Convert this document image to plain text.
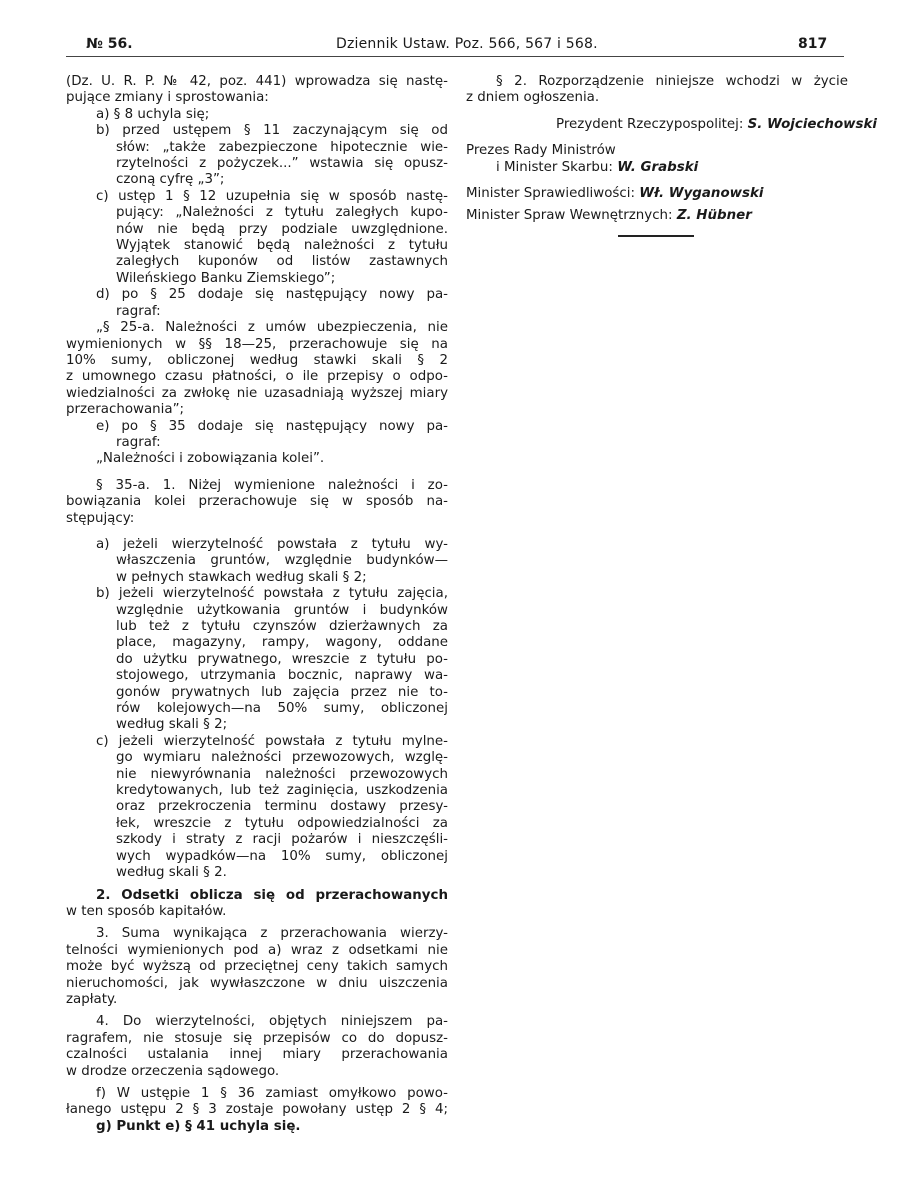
№ 56.	Dziennik Ustaw. Poz. 566, 567 i 568.	817
(Dz. U. R. P. № 42, poz. 441) wprowadza się nastę-
pujące zmiany i sprostowania:
a) § 8 uchyla się;
b) przed ustępem § 11 zaczynającym się od
słów: „także zabezpieczone hipotecznie wie-
rzytelności z pożyczek...” wstawia się opusz-
czoną cyfrę „3”;
c) ustęp 1 § 12 uzupełnia się w sposób nastę-
pujący: „Należności z tytułu zaległych kupo-
nów nie będą przy podziale uwzględnione.
Wyjątek stanowić będą należności z tytułu
zaległych kuponów od listów zastawnych
Wileńskiego Banku Ziemskiego”;
d) po § 25 dodaje się następujący nowy pa-
ragraf:
„§ 25-a. Należności z umów ubezpieczenia, nie
wymienionych w §§ 18—25, przerachowuje się na
10% sumy, obliczonej według stawki skali § 2
z umownego czasu płatności, o ile przepisy o odpo-
wiedzialności za zwłokę nie uzasadniają wyższej miary
przerachowania”;
e) po § 35 dodaje się następujący nowy pa-
ragraf:
„Należności i zobowiązania kolei”.
§ 35-a. 1. Niżej wymienione należności i zo-
bowiązania kolei przerachowuje się w sposób na-
stępujący:
a) jeżeli wierzytelność powstała z tytułu wy-
właszczenia gruntów, względnie budynków—
w pełnych stawkach według skali § 2;
b) jeżeli wierzytelność powstała z tytułu zajęcia,
względnie użytkowania gruntów i budynków
lub też z tytułu czynszów dzierżawnych za
place, magazyny, rampy, wagony, oddane
do użytku prywatnego, wreszcie z tytułu po-
stojowego, utrzymania bocznic, naprawy wa-
gonów prywatnych lub zajęcia przez nie to-
rów kolejowych—na 50% sumy, obliczonej
według skali § 2;
c) jeżeli wierzytelność powstała z tytułu mylne-
go wymiaru należności przewozowych, wzglę-
nie niewyrównania należności przewozowych
kredytowanych, lub też zaginięcia, uszkodzenia
oraz przekroczenia terminu dostawy przesy-
łek, wreszcie z tytułu odpowiedzialności za
szkody i straty z racji pożarów i nieszczęśli-
wych wypadków—na 10% sumy, obliczonej
według skali § 2.
2. Odsetki oblicza się od przerachowanych
w ten sposób kapitałów.
3. Suma wynikająca z przerachowania wierzy-
telności wymienionych pod a) wraz z odsetkami nie
może być wyższą od przeciętnej ceny takich samych
nieruchomości, jak wywłaszczone w dniu uiszczenia
zapłaty.
4. Do wierzytelności, objętych niniejszem pa-
ragrafem, nie stosuje się przepisów co do dopusz-
czalności ustalania innej miary przerachowania
w drodze orzeczenia sądowego.
f) W ustępie 1 § 36 zamiast omyłkowo powo-
łanego ustępu 2 § 3 zostaje powołany ustęp 2 § 4;
g) Punkt e) § 41 uchyla się.
§ 2. Rozporządzenie niniejsze wchodzi w życie
z dniem ogłoszenia.
Prezydent Rzeczypospolitej: S. Wojciechowski
Prezes Rady Ministrów
i Minister Skarbu: W. Grabski
Minister Sprawiedliwości: Wł. Wyganowski
Minister Spraw Wewnętrznych: Z. Hübner
